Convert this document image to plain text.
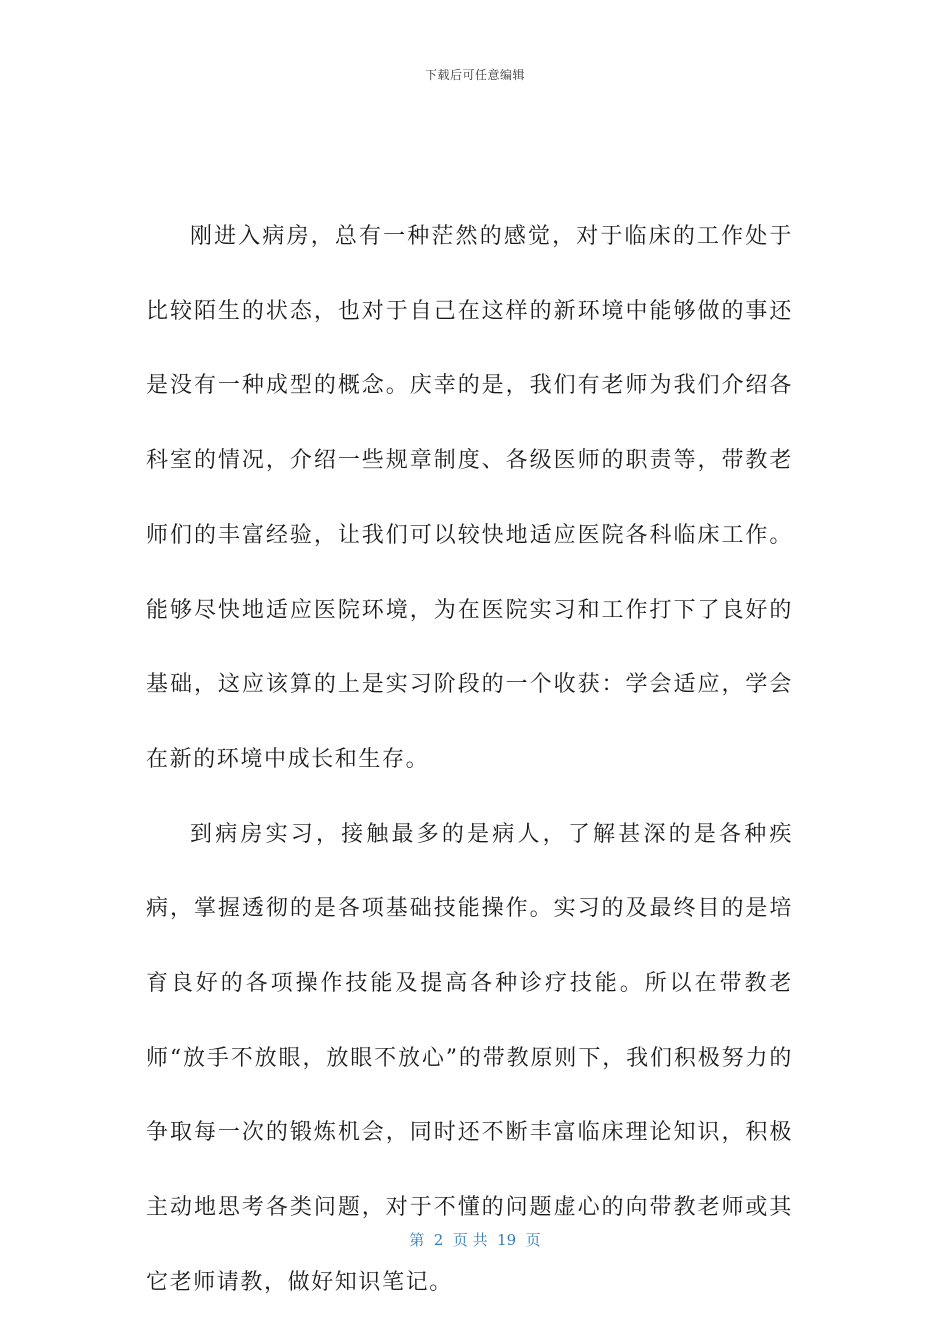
下载后可任意编辑

刚进入病房，总有一种茫然的感觉，对于临床的工作处于比较陌生的状态，也对于自己在这样的新环境中能够做的事还是没有一种成型的概念。庆幸的是，我们有老师为我们介绍各科室的情况，介绍一些规章制度、各级医师的职责等，带教老师们的丰富经验，让我们可以较快地适应医院各科临床工作。能够尽快地适应医院环境，为在医院实习和工作打下了良好的基础，这应该算的上是实习阶段的一个收获：学会适应，学会在新的环境中成长和生存。

到病房实习，接触最多的是病人，了解甚深的是各种疾病，掌握透彻的是各项基础技能操作。实习的及最终目的是培育良好的各项操作技能及提高各种诊疗技能。所以在带教老师“放手不放眼，放眼不放心”的带教原则下，我们积极努力的争取每一次的锻炼机会，同时还不断丰富临床理论知识，积极主动地思考各类问题，对于不懂的问题虚心的向带教老师或其它老师请教，做好知识笔记。

第  2  页 共  19  页
